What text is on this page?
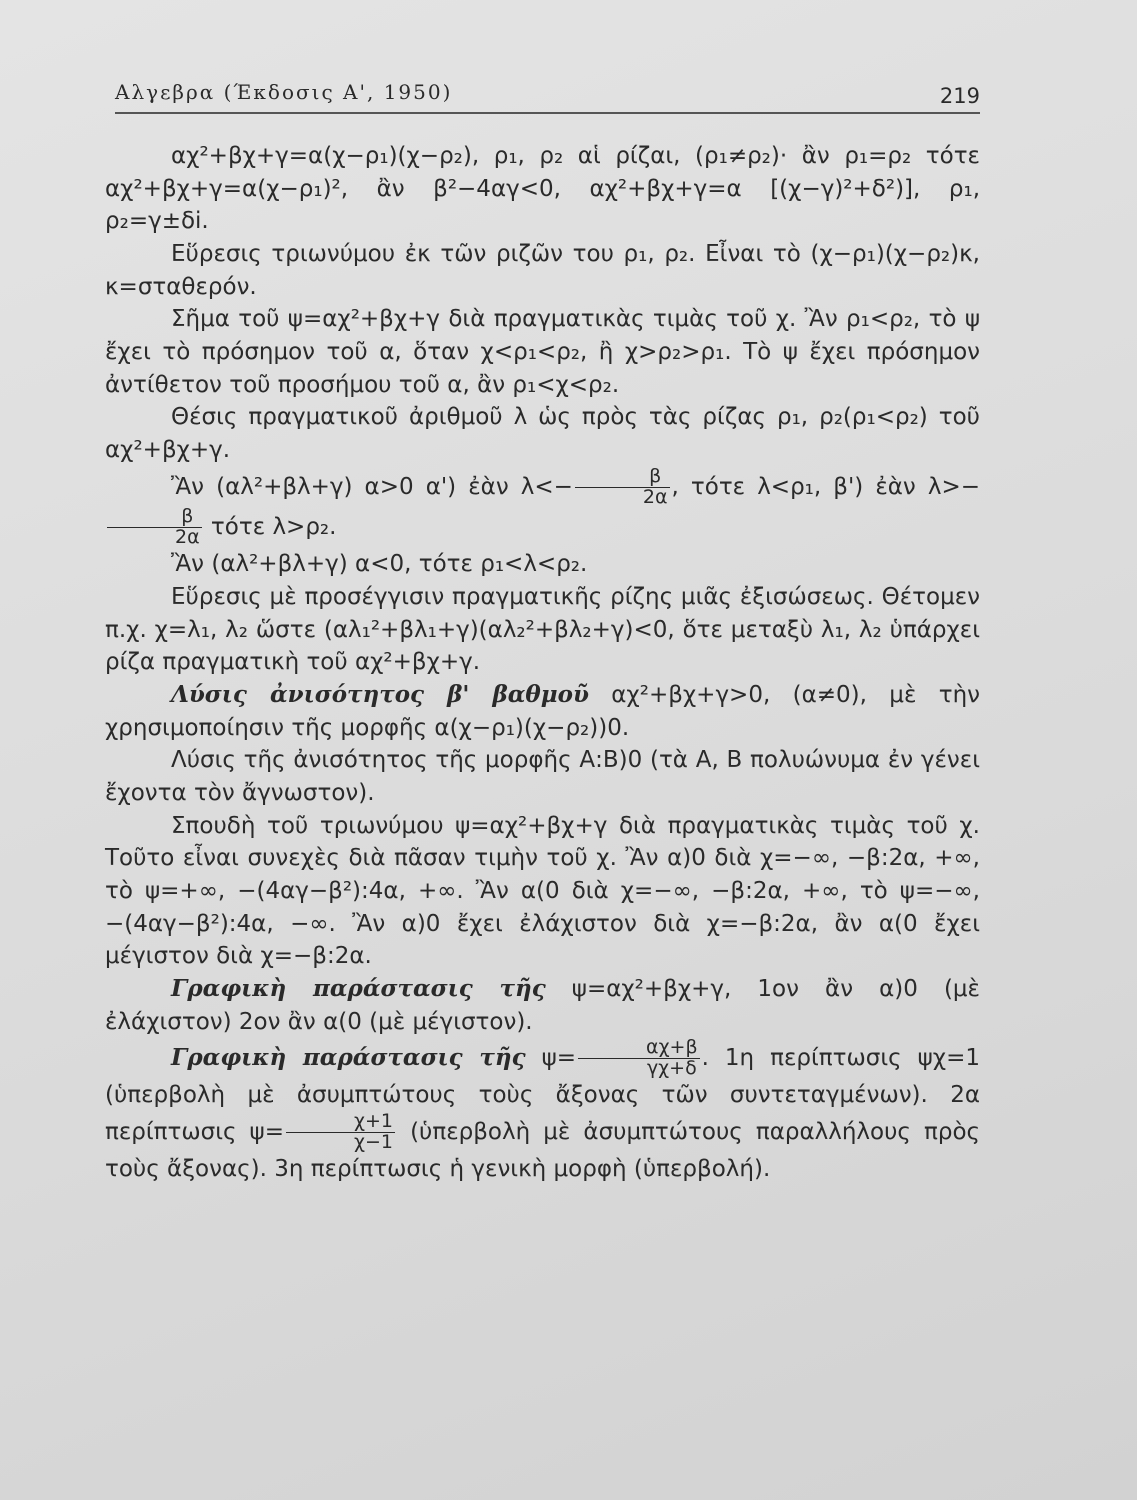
Αλγεβρα (Έκδοσις Α', 1950)	219

αχ²+βχ+γ=α(χ−ρ₁)(χ−ρ₂), ρ₁, ρ₂ αἱ ρίζαι, (ρ₁≠ρ₂)· ἂν ρ₁=ρ₂ τότε αχ²+βχ+γ=α(χ−ρ₁)², ἂν β²−4αγ<0, αχ²+βχ+γ=α [(χ−γ)²+δ²)], ρ₁, ρ₂=γ±δi.

Εὕρεσις τριωνύμου ἐκ τῶν ριζῶν του ρ₁, ρ₂. Εἶναι τὸ (χ−ρ₁)(χ−ρ₂)κ, κ=σταθερόν.

Σῆμα τοῦ ψ=αχ²+βχ+γ διὰ πραγματικὰς τιμὰς τοῦ χ. Ἂν ρ₁<ρ₂, τὸ ψ ἔχει τὸ πρόσημον τοῦ α, ὅταν χ<ρ₁<ρ₂, ἢ χ>ρ₂>ρ₁. Τὸ ψ ἔχει πρόσημον ἀντίθετον τοῦ προσήμου τοῦ α, ἂν ρ₁<χ<ρ₂.

Θέσις πραγματικοῦ ἀριθμοῦ λ ὡς πρὸς τὰς ρίζας ρ₁, ρ₂(ρ₁<ρ₂) τοῦ αχ²+βχ+γ.

Ἂν (αλ²+βλ+γ) α>0 α') ἐὰν $\lambda<- \frac{\beta}{2\alpha}$ , τότε λ<ρ₁, β') ἐὰν λ>−
$\frac{\beta}{2\alpha}$ τότε λ>ρ₂.

Ἂν (αλ²+βλ+γ) α<0, τότε ρ₁<λ<ρ₂.

Εὕρεσις μὲ προσέγγισιν πραγματικῆς ρίζης μιᾶς ἐξισώσεως. Θέτομεν π.χ. χ=λ₁, λ₂ ὥστε (αλ₁²+βλ₁+γ)(αλ₂²+βλ₂+γ)<0, ὅτε μεταξὺ λ₁, λ₂ ὑπάρχει ρίζα πραγματικὴ τοῦ αχ²+βχ+γ.

Λύσις ἀνισότητος β' βαθμοῦ αχ²+βχ+γ>0, (α≠0), μὲ τὴν χρησιμοποίησιν τῆς μορφῆς α(χ−ρ₁)(χ−ρ₂))0.

Λύσις τῆς ἀνισότητος τῆς μορφῆς Α:Β)0 (τὰ Α, Β πολυώνυμα ἐν γένει ἔχοντα τὸν ἄγνωστον).

Σπουδὴ τοῦ τριωνύμου ψ=αχ²+βχ+γ διὰ πραγματικὰς τιμὰς τοῦ χ. Τοῦτο εἶναι συνεχὲς διὰ πᾶσαν τιμὴν τοῦ χ. Ἂν α)0 διὰ χ=−∞, −β:2α, +∞, τὸ ψ=+∞, −(4αγ−β²):4α, +∞. Ἂν α(0 διὰ χ=−∞, −β:2α, +∞, τὸ ψ=−∞, −(4αγ−β²):4α, −∞. Ἂν α)0 ἔχει ἐλάχιστον διὰ χ=−β:2α, ἂν α(0 ἔχει μέγιστον διὰ χ=−β:2α.

Γραφικὴ παράστασις τῆς ψ=αχ²+βχ+γ, 1ον ἂν α)0 (μὲ ἐλάχιστον) 2ον ἂν α(0 (μὲ μέγιστον).

Γραφικὴ παράστασις τῆς $\psi= \frac{\alpha\chi+\beta}{\gamma\chi+\delta}$ . 1η περίπτωσις ψχ=1 (ὑπερβολὴ μὲ ἀσυμπτώτους τοὺς ἄξονας τῶν συντεταγμένων). 2α περίπτωσις $\psi= \frac{\chi+1}{\chi-1}$ (ὑπερβολὴ μὲ ἀσυμπτώτους παραλλήλους πρὸς τοὺς ἄξονας). 3η περίπτωσις ἡ γενικὴ μορφὴ (ὑπερβολή).
